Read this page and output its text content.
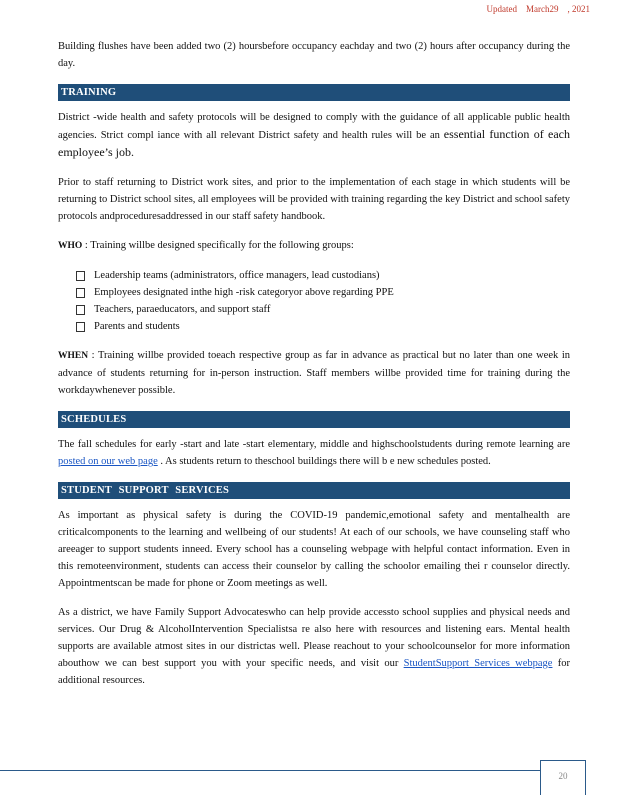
Updated    March29    , 2021

Building flushes have been added two (2) hoursbefore occupancy eachday and two (2) hours after occupancy during the day.

TRAINING

District -wide health and safety protocols will be designed to comply with the guidance of all applicable public health agencies. Strict compl iance with all relevant District safety and health rules will be an essential function of each employee’s job.

Prior to staff returning to District work sites, and prior to the implementation of each stage in which students will be returning to District school sites, all employees will be provided with training regarding the key District and school safety protocols andproceduresaddressed in our staff safety handbook.

WHO : Training willbe designed specifically for the following groups:

Leadership teams (administrators, office managers, lead custodians)
Employees designated inthe high -risk categoryor above regarding PPE
Teachers, paraeducators, and support staff
Parents and students

WHEN : Training willbe provided toeach respective group as far in advance as practical but no later than one week in advance of students returning for in-person instruction. Staff members willbe provided time for training during the workdaywhenever possible.

SCHEDULES

The fall schedules for early -start and late -start elementary, middle and highschoolstudents during remote learning are posted on our web page . As students return to theschool buildings there will b e new schedules posted.

STUDENT SUPPORT SERVICES

As important as physical safety is during the COVID-19 pandemic,emotional safety and mentalhealth are criticalcomponents to the learning and wellbeing of our students! At each of our schools, we have counseling staff who areeager to support students inneed. Every school has a counseling webpage with helpful contact information. Even in this remoteenvironment, students can access their counselor by calling the schoolor emailing thei r counselor directly. Appointmentscan be made for phone or Zoom meetings as well.

As a district, we have Family Support Advocateswho can help provide accessto school supplies and physical needs and services. Our Drug & AlcoholIntervention Specialistsa re also here with resources and listening ears. Mental health supports are available atmost sites in our districtas well. Please reachout to your schoolcounselor for more information abouthow we can best support you with your specific needs, and visit our StudentSupport Services webpage for additional resources.

20
